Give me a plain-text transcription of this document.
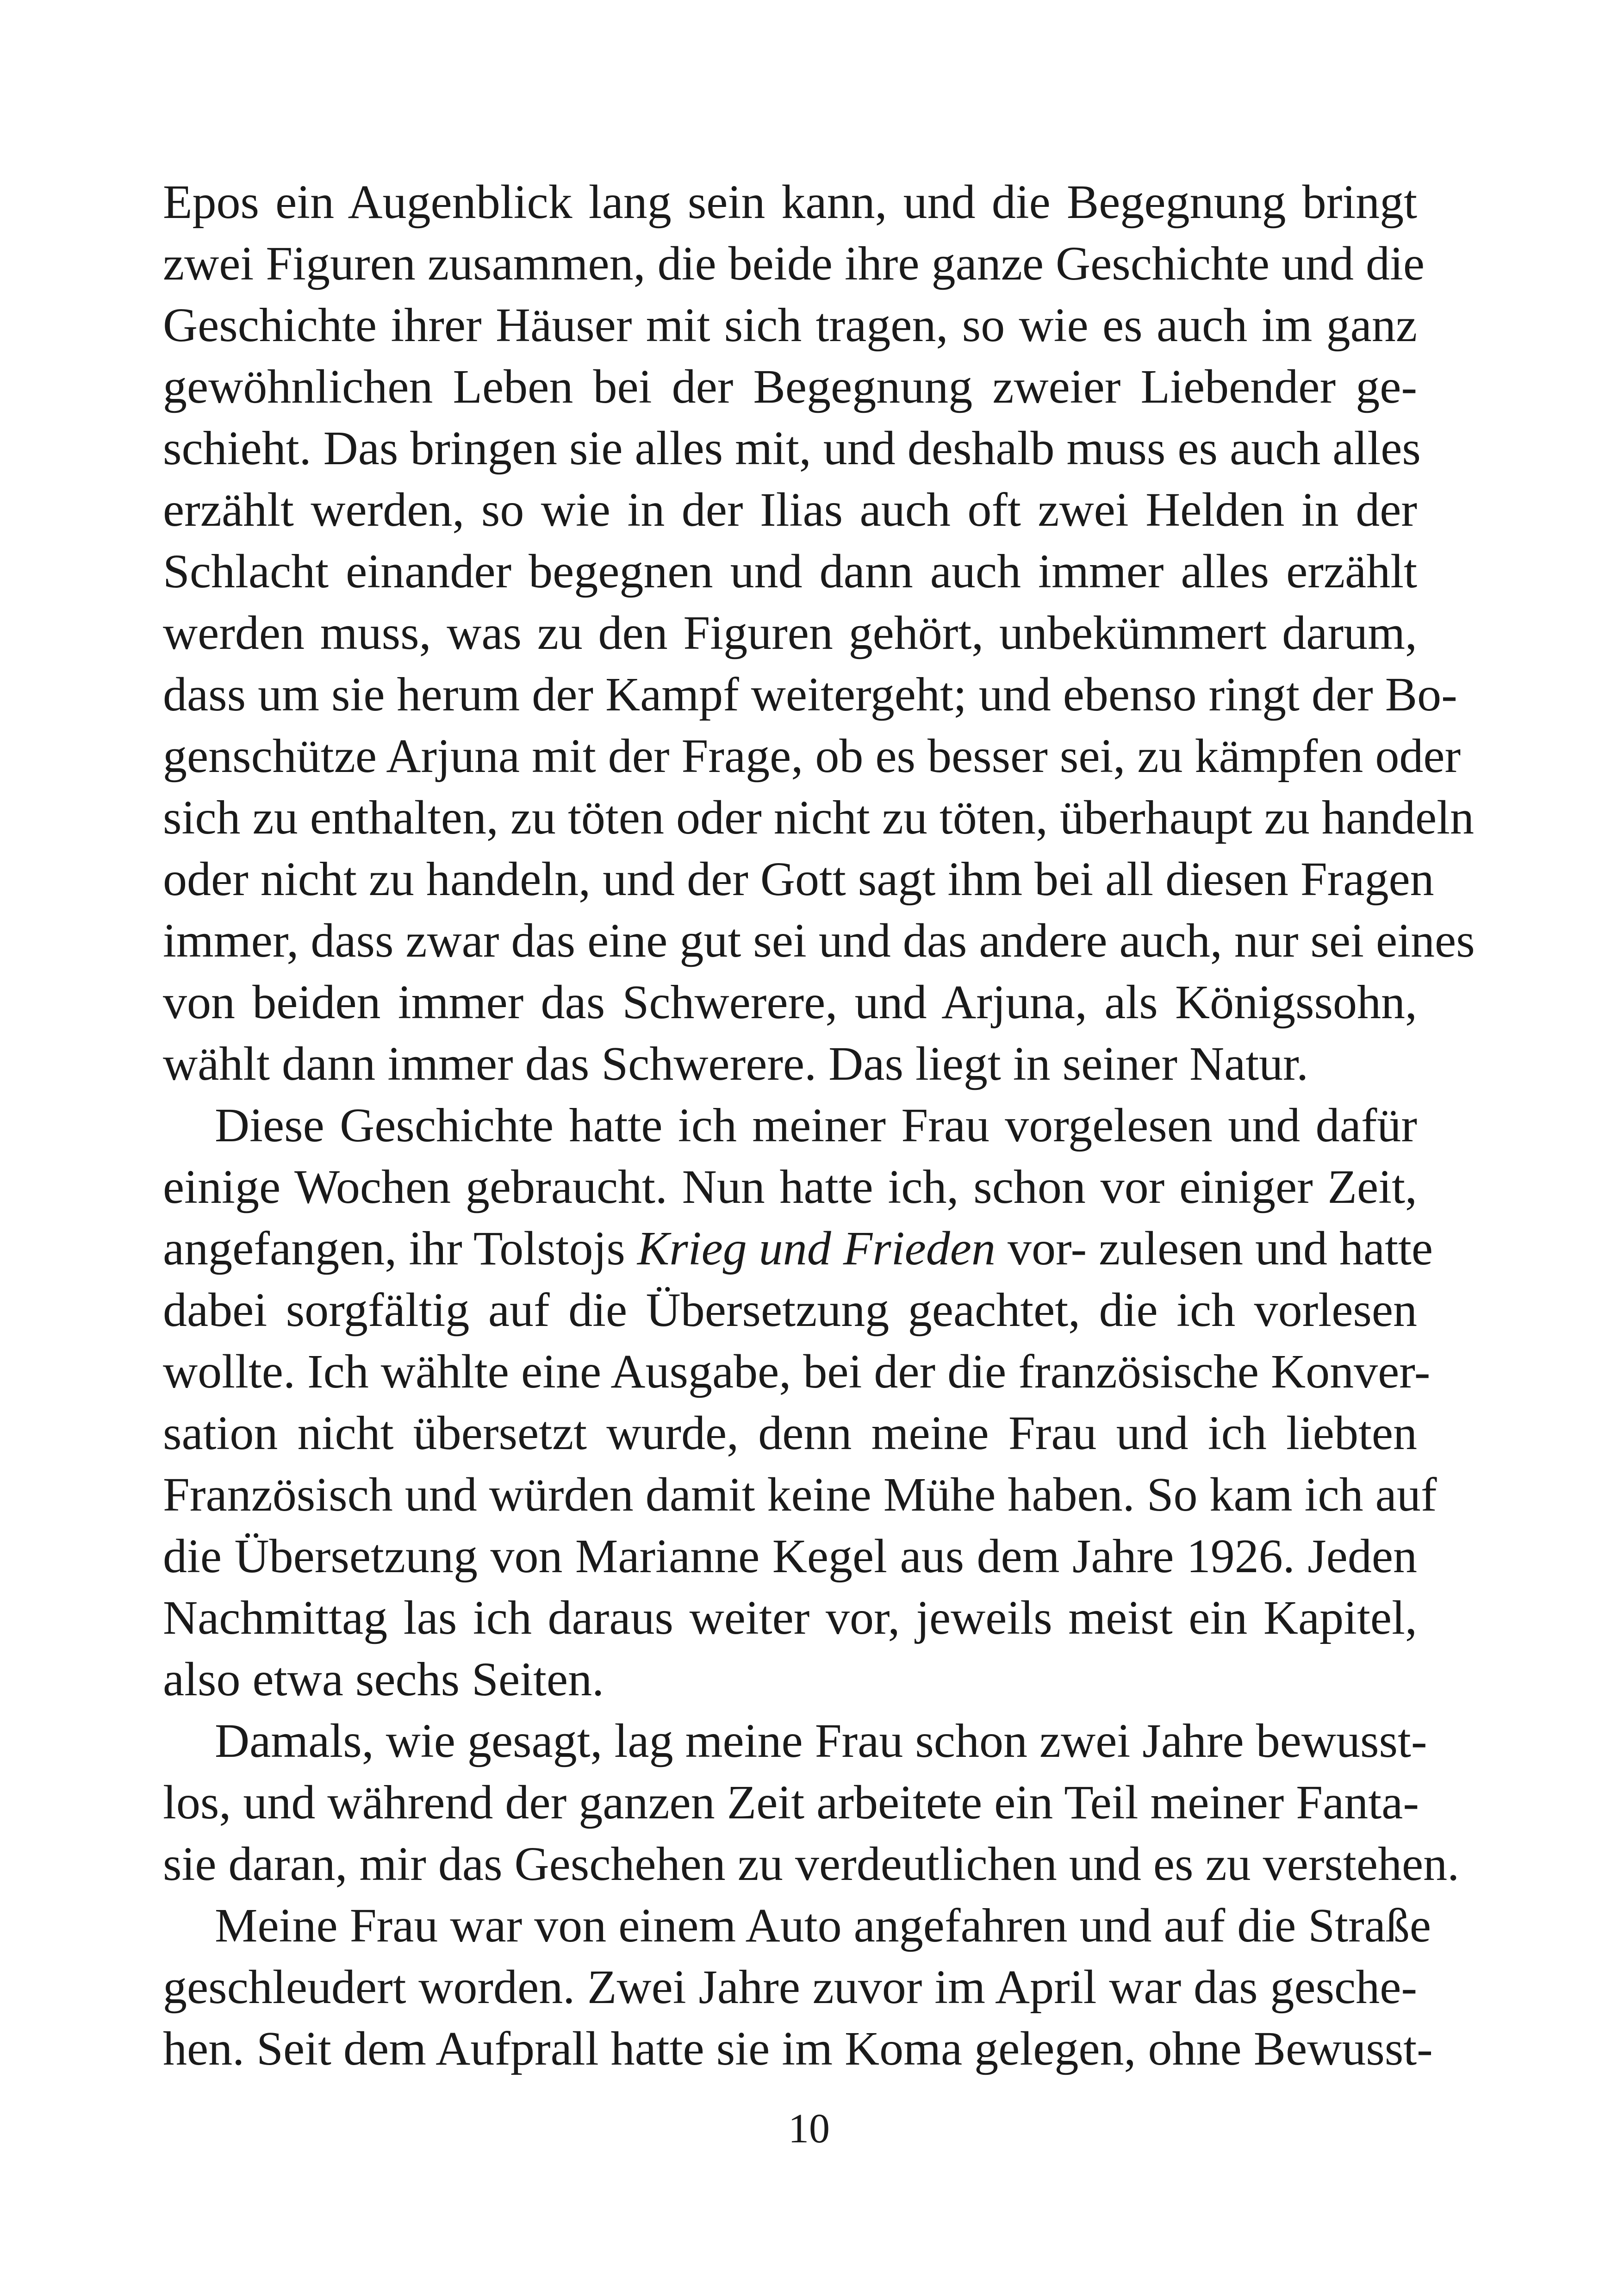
Epos ein Augenblick lang sein kann, und die Begegnung bringt
zwei Figuren zusammen, die beide ihre ganze Geschichte und die
Geschichte ihrer Häuser mit sich tragen, so wie es auch im ganz
gewöhnlichen Leben bei der Begegnung zweier Liebender ge-
schieht. Das bringen sie alles mit, und deshalb muss es auch alles
erzählt werden, so wie in der Ilias auch oft zwei Helden in der
Schlacht einander begegnen und dann auch immer alles erzählt
werden muss, was zu den Figuren gehört, unbekümmert darum,
dass um sie herum der Kampf weitergeht; und ebenso ringt der Bo-
genschütze Arjuna mit der Frage, ob es besser sei, zu kämpfen oder
sich zu enthalten, zu töten oder nicht zu töten, überhaupt zu handeln
oder nicht zu handeln, und der Gott sagt ihm bei all diesen Fragen
immer, dass zwar das eine gut sei und das andere auch, nur sei eines
von beiden immer das Schwerere, und Arjuna, als Königssohn,
wählt dann immer das Schwerere. Das liegt in seiner Natur.
Diese Geschichte hatte ich meiner Frau vorgelesen und dafür
einige Wochen gebraucht. Nun hatte ich, schon vor einiger Zeit,
angefangen, ihr Tolstojs Krieg und Frieden vor- zulesen und hatte
dabei sorgfältig auf die Übersetzung geachtet, die ich vorlesen
wollte. Ich wählte eine Ausgabe, bei der die französische Konver-
sation nicht übersetzt wurde, denn meine Frau und ich liebten
Französisch und würden damit keine Mühe haben. So kam ich auf
die Übersetzung von Marianne Kegel aus dem Jahre 1926. Jeden
Nachmittag las ich daraus weiter vor, jeweils meist ein Kapitel,
also etwa sechs Seiten.
Damals, wie gesagt, lag meine Frau schon zwei Jahre bewusst-
los, und während der ganzen Zeit arbeitete ein Teil meiner Fanta-
sie daran, mir das Geschehen zu verdeutlichen und es zu verstehen.
Meine Frau war von einem Auto angefahren und auf die Straße
geschleudert worden. Zwei Jahre zuvor im April war das gesche-
hen. Seit dem Aufprall hatte sie im Koma gelegen, ohne Bewusst-
10
